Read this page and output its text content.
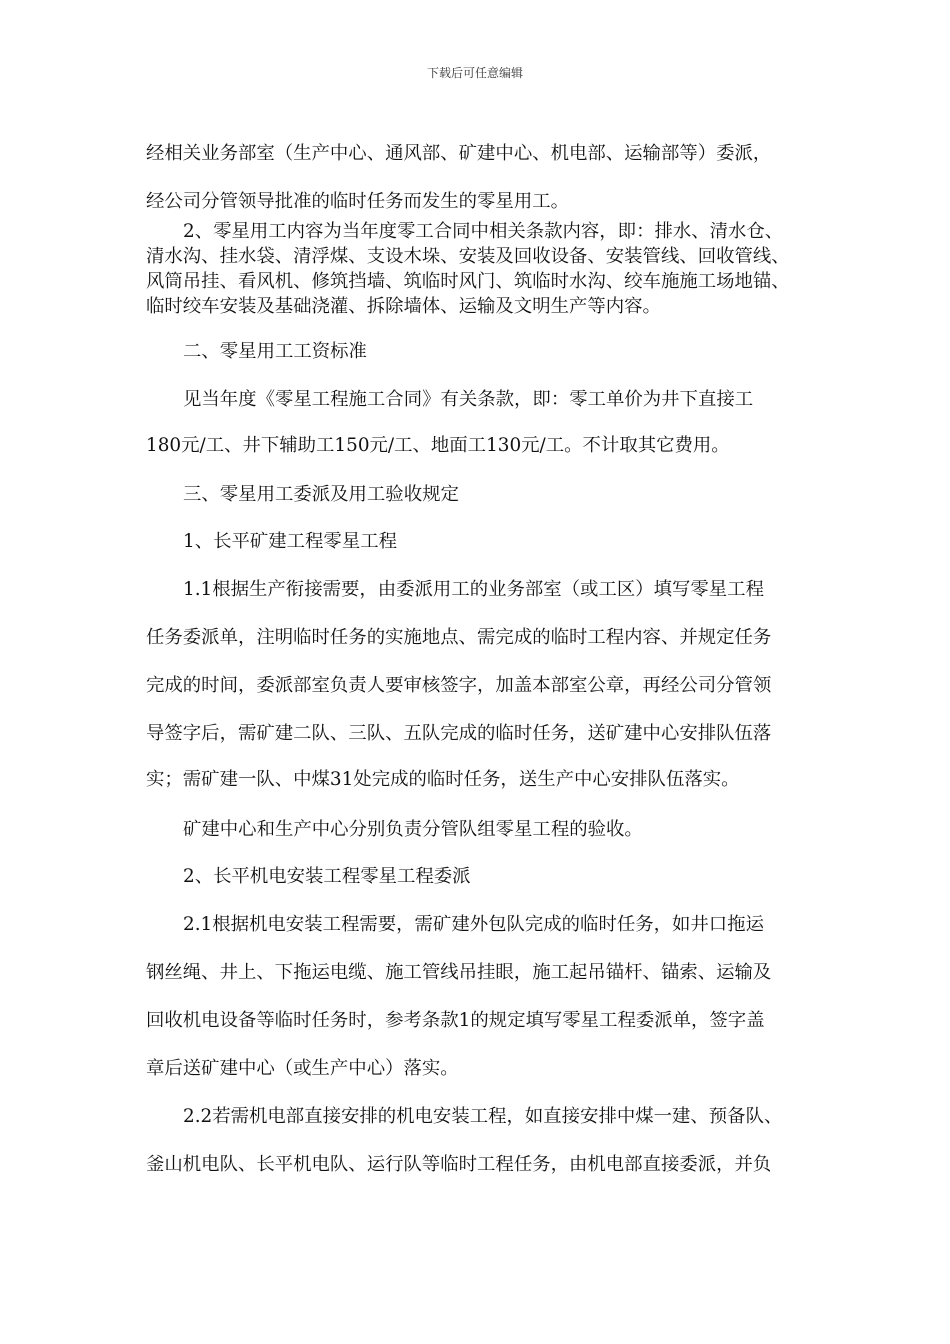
下载后可任意编辑
经相关业务部室（生产中心、通风部、矿建中心、机电部、运输部等）委派，
经公司分管领导批准的临时任务而发生的零星用工。
2、零星用工内容为当年度零工合同中相关条款内容，即：排水、清水仓、
清水沟、挂水袋、清浮煤、支设木垛、安装及回收设备、安装管线、回收管线、
风筒吊挂、看风机、修筑挡墙、筑临时风门、筑临时水沟、绞车施施工场地锚、
临时绞车安装及基础浇灌、拆除墙体、运输及文明生产等内容。
二、零星用工工资标准
见当年度《零星工程施工合同》有关条款，即：零工单价为井下直接工
180元/工、井下辅助工150元/工、地面工130元/工。不计取其它费用。
三、零星用工委派及用工验收规定
1、长平矿建工程零星工程
1.1根据生产衔接需要，由委派用工的业务部室（或工区）填写零星工程
任务委派单，注明临时任务的实施地点、需完成的临时工程内容、并规定任务
完成的时间，委派部室负责人要审核签字，加盖本部室公章，再经公司分管领
导签字后，需矿建二队、三队、五队完成的临时任务，送矿建中心安排队伍落
实；需矿建一队、中煤31处完成的临时任务，送生产中心安排队伍落实。
矿建中心和生产中心分别负责分管队组零星工程的验收。
2、长平机电安装工程零星工程委派
2.1根据机电安装工程需要，需矿建外包队完成的临时任务，如井口拖运
钢丝绳、井上、下拖运电缆、施工管线吊挂眼，施工起吊锚杆、锚索、运输及
回收机电设备等临时任务时，参考条款1的规定填写零星工程委派单，签字盖
章后送矿建中心（或生产中心）落实。
2.2若需机电部直接安排的机电安装工程，如直接安排中煤一建、预备队、
釜山机电队、长平机电队、运行队等临时工程任务，由机电部直接委派，并负
